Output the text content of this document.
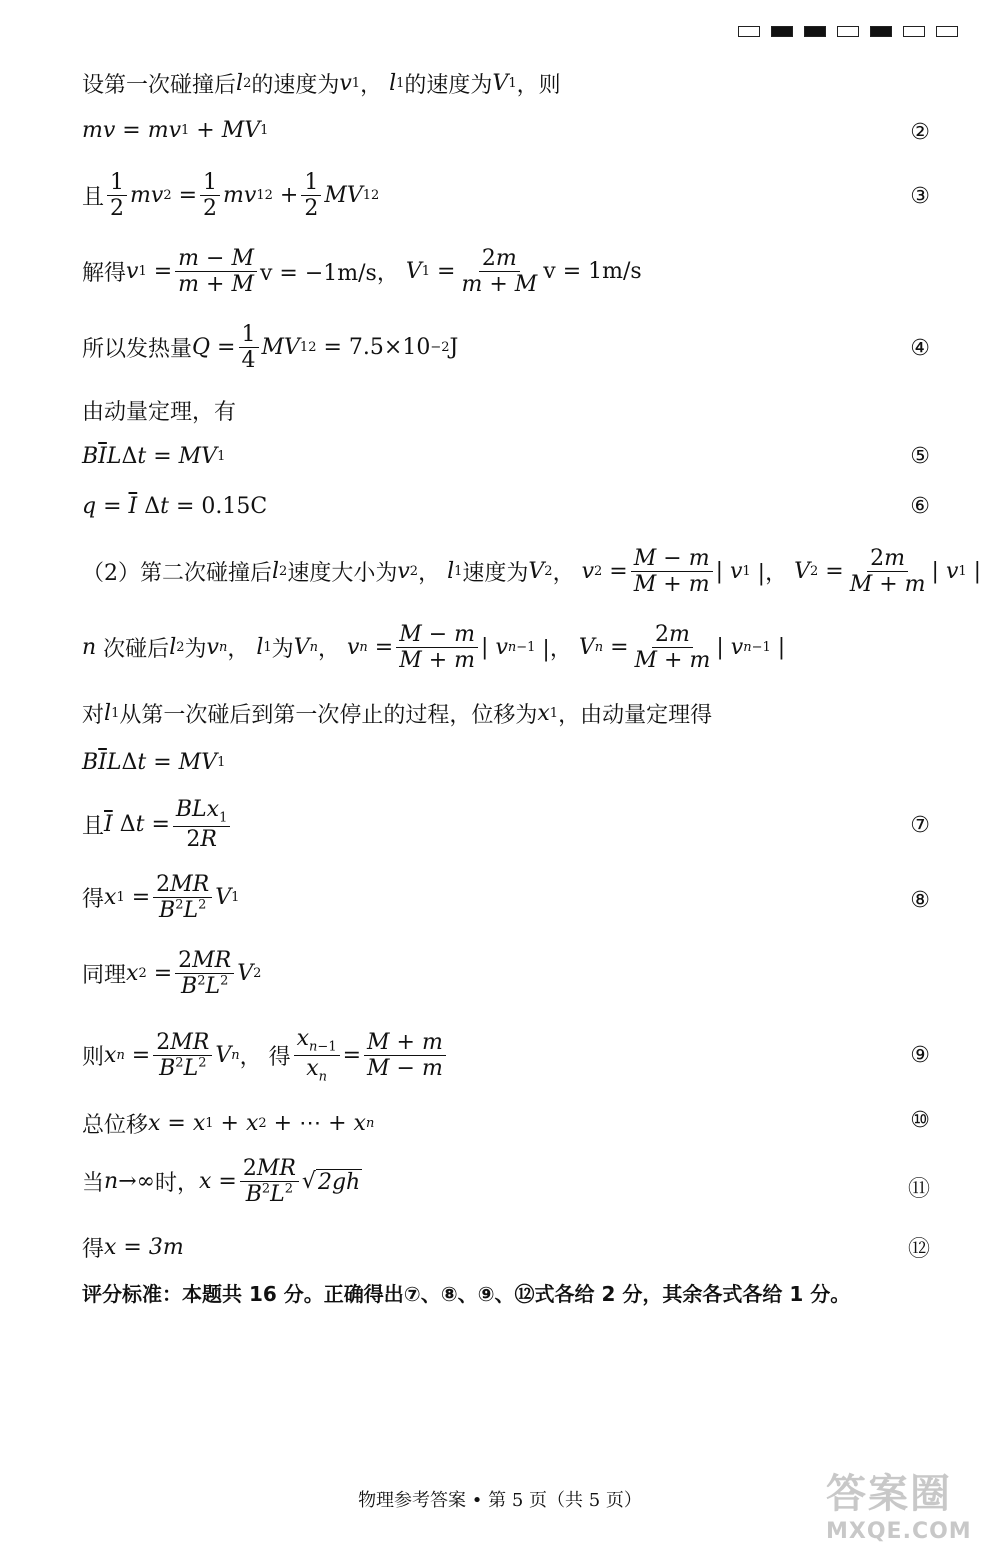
设第一次碰撞后 l 2 的速度为 v 1 ， l 1 的速度为 V 1 ，则
mv = mv 1 + MV 1	②
且 $\frac{1}{2}$ mv $2 = \frac{1}{2}$ mv 1 $2 + \frac{1}{2}$ MV 1 2	③
解得 v $1 = \frac{m - M}{m + M}$ v = −1m/s，
V $1 = \frac{2m}{m + M}$ v = 1m/s
所以发热量 $Q = \frac{1}{4}$ MV 1 2
= 7.5×10 −2 J	④
由动量定理，有
B $\overline{I}$ L Δ t = MV 1	⑤
$q = \overline{I}$ Δ t
= 0.15C	⑥
（2）第二次碰撞后 l 2 速度大小为 v 2 ， l 1 速度为 V 2 ， v $2 = \frac{M - m}{M + m}$ | v 1 |， V $2 = \frac{2m}{M + m}$ | v 1 |
n
次碰后 l 2 为 v n ， l 1 为 V n ， v $n = \frac{M - m}{M + m}$ | v n−1 |， V $n = \frac{2m}{M + m}$ | v n−1 |
对 l 1 从第一次碰后到第一次停止的过程，位移为 x 1 ，由动量定理得
B $\overline{I}$ L Δ t = MV 1
且 $\overline{I}$ Δ $t = \frac{BLx_1}{2R}$	⑦
得 x $1 = \frac{2MR}{B^2L^2}$ V 1	⑧
同理 x $2 = \frac{2MR}{B^2L^2}$ V 2
则 x $n = \frac{2MR}{B^2L^2}$ V n ， 得 $\frac{x_{n-1}}{x_n} = \frac{M + m}{M - m}$	⑨
总位移 x = x 1 + x 2 + ⋯ + x n	⑩
当 n →∞ 时， $x = \frac{2MR}{B^2L^2}$ √ 2gh	⑪
得 x = 3m	⑫
评分标准：本题共 16 分。正确得出⑦、⑧、⑨、⑫式各给 2 分，其余各式各给 1 分。
答案圈
MXQE.COM
物理参考答案 • 第 5 页（共 5 页）
